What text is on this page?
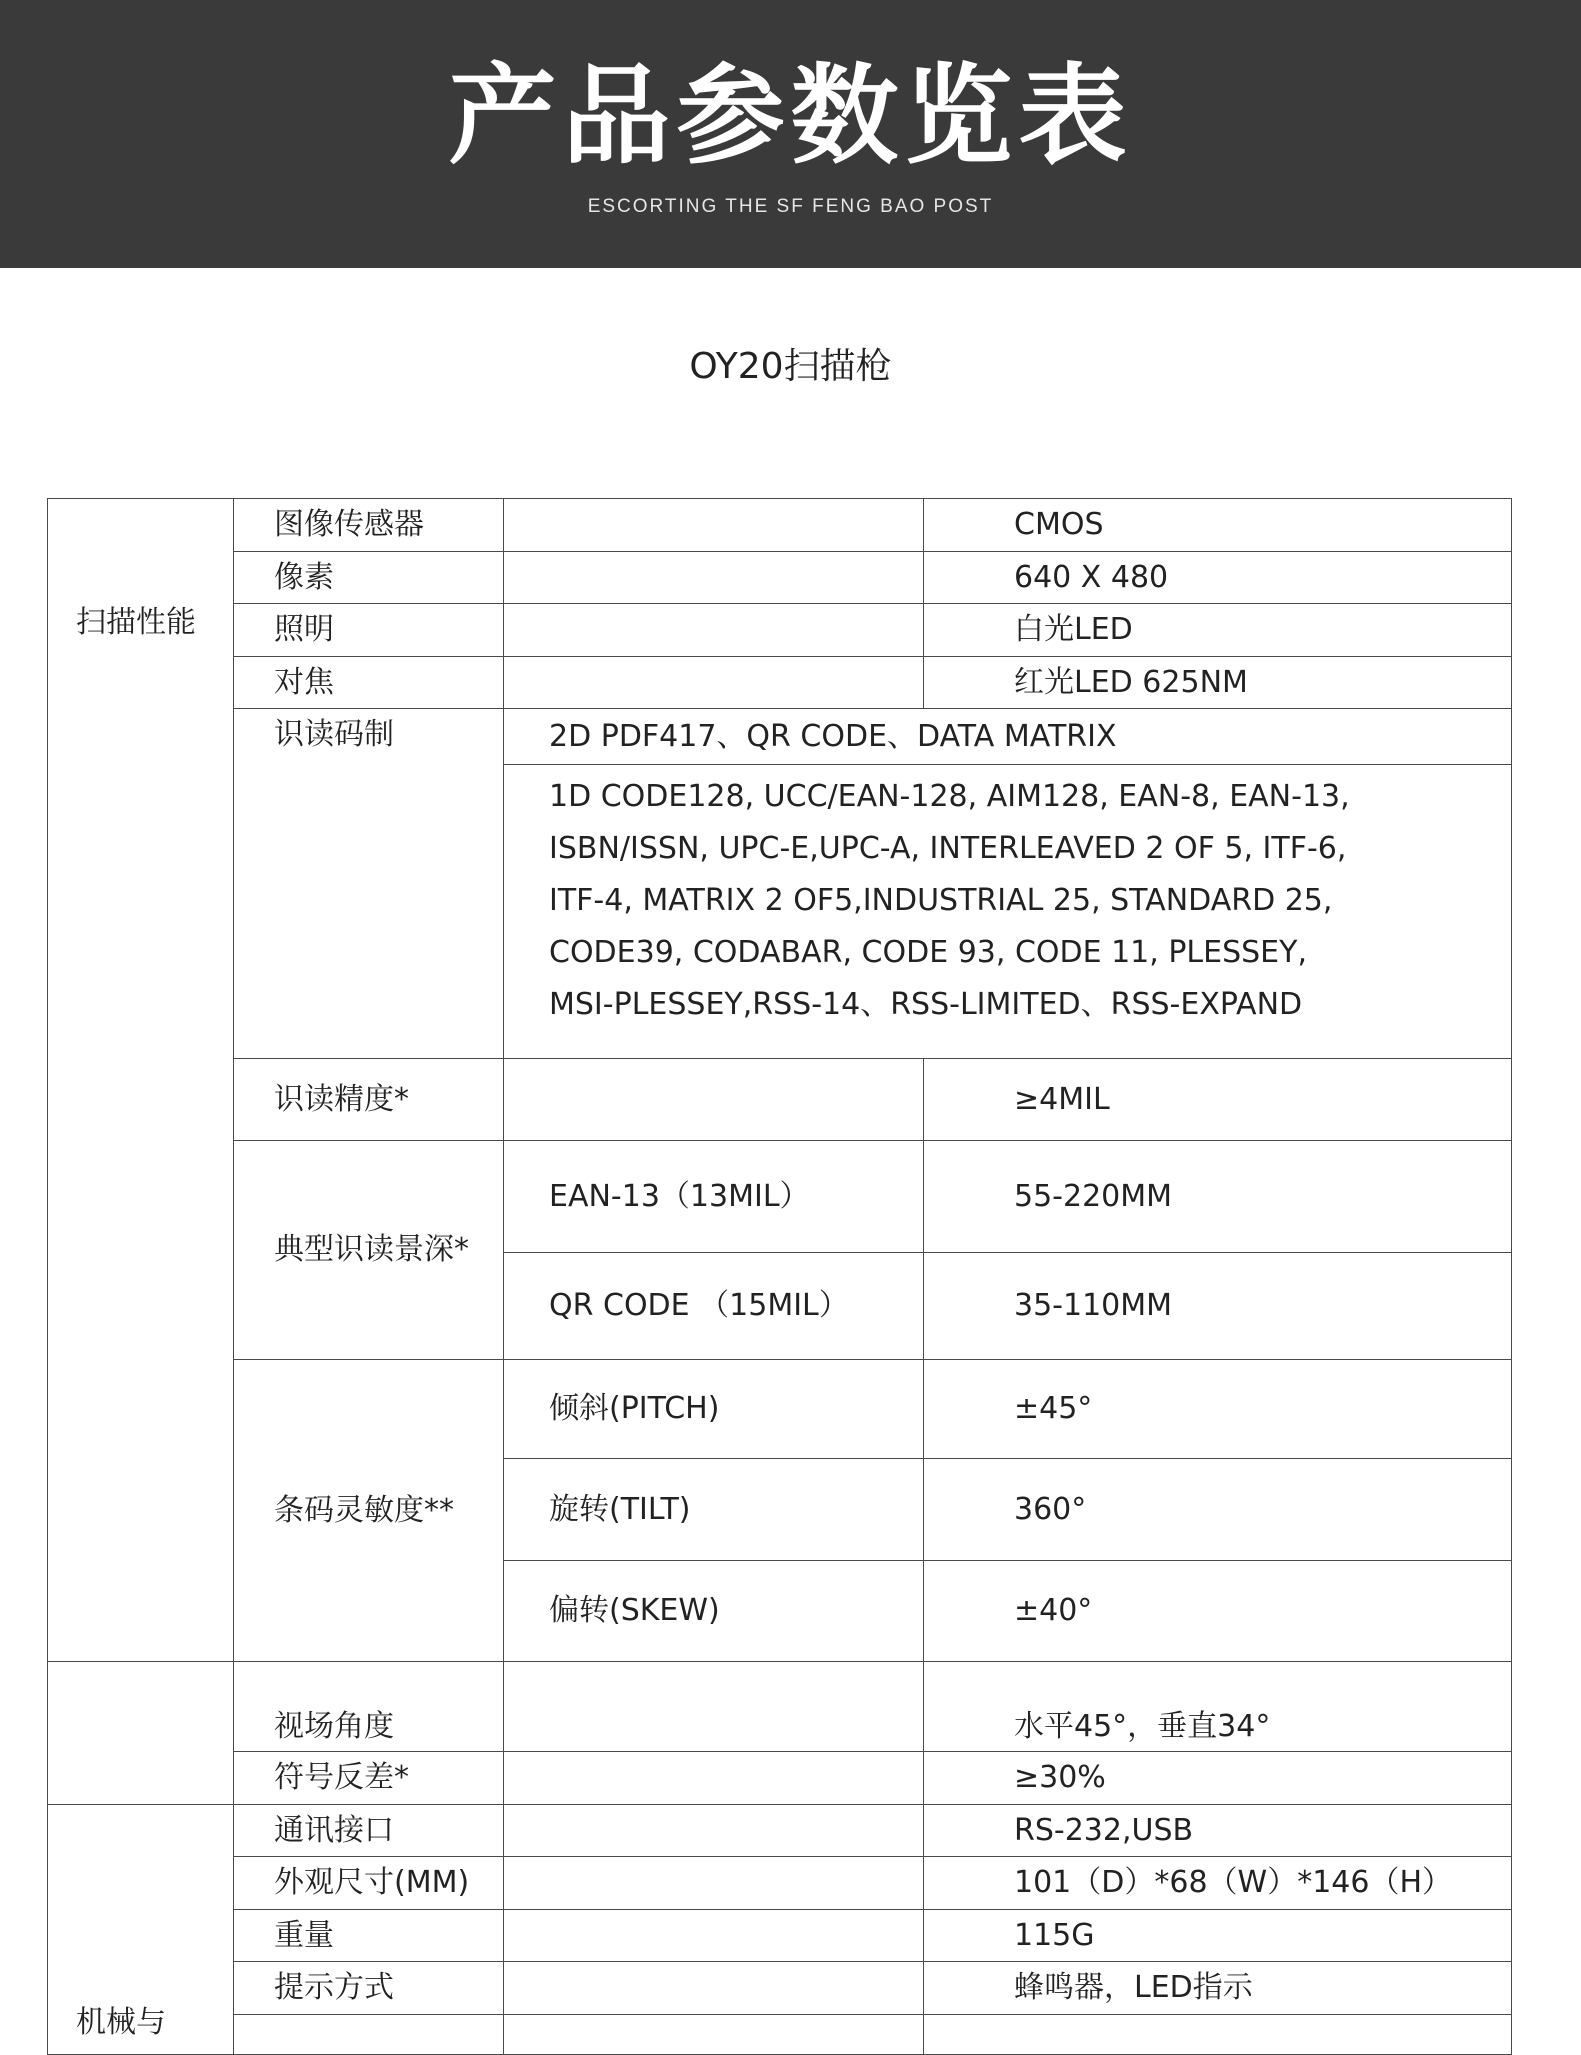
产品参数览表
ESCORTING THE SF FENG BAO POST
OY20扫描枪
扫描性能	图像传感器		CMOS
	像素		640 X 480
	照明		白光LED
	对焦		红光LED 625NM
	识读码制	2D PDF417、QR CODE、DATA MATRIX	

		1D CODE128, UCC/EAN-128, AIM128, EAN-8, EAN-13,
ISBN/ISSN, UPC-E,UPC-A, INTERLEAVED 2 OF 5, ITF-6,
ITF-4, MATRIX 2 OF5,INDUSTRIAL 25, STANDARD 25,
CODE39, CODABAR, CODE 93, CODE 11, PLESSEY,
MSI-PLESSEY,RSS-14、RSS-LIMITED、RSS-EXPAND	

	识读精度*		≥4MIL
	典型识读景深*	EAN-13（13MIL）	55-220MM
		QR CODE （15MIL）	35-110MM
	条码灵敏度**	倾斜(PITCH)	±45°
		旋转(TILT)	360°
		偏转(SKEW)	±40°
	视场角度		水平45°，垂直34°
	符号反差*		≥30%
机械与	通讯接口		RS-232,USB
	外观尺寸(MM)		101（D）*68（W）*146（H）
	重量		115G
	提示方式		蜂鸣器，LED指示
